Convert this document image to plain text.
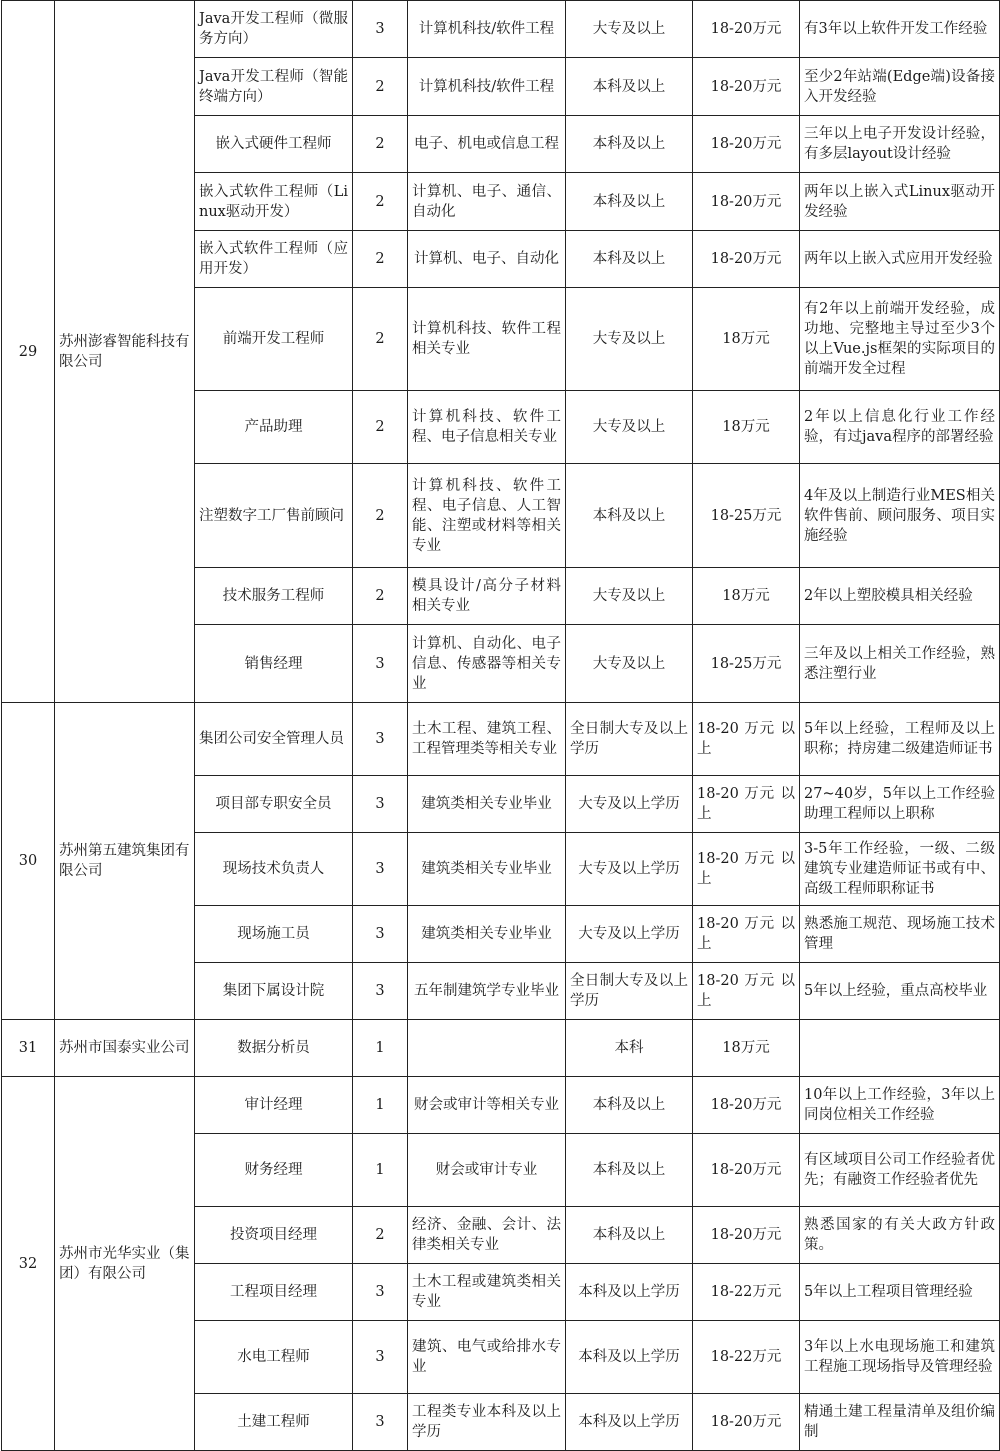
29	苏州澎睿智能科技有限公司	Java开发工程师（微服务方向）	3	计算机科技/软件工程	大专及以上	18-20万元	有3年以上软件开发工作经验
		Java开发工程师（智能终端方向）	2	计算机科技/软件工程	本科及以上	18-20万元	至少2年站端(Edge端)设备接入开发经验
		嵌入式硬件工程师	2	电子、机电或信息工程	本科及以上	18-20万元	三年以上电子开发设计经验，有多层layout设计经验
		嵌入式软件工程师（Linux驱动开发）	2	计算机、电子、通信、自动化	本科及以上	18-20万元	两年以上嵌入式Linux驱动开发经验
		嵌入式软件工程师（应用开发）	2	计算机、电子、自动化	本科及以上	18-20万元	两年以上嵌入式应用开发经验
		前端开发工程师	2	计算机科技、软件工程相关专业	大专及以上	18万元	有2年以上前端开发经验，成功地、完整地主导过至少3个以上Vue.js框架的实际项目的前端开发全过程
		产品助理	2	计算机科技、软件工程、电子信息相关专业	大专及以上	18万元	2年以上信息化行业工作经验，有过java程序的部署经验
		注塑数字工厂售前顾问	2	计算机科技、软件工程、电子信息、人工智能、注塑或材料等相关专业	本科及以上	18-25万元	4年及以上制造行业MES相关软件售前、顾问服务、项目实施经验
		技术服务工程师	2	模具设计/高分子材料相关专业	大专及以上	18万元	2年以上塑胶模具相关经验
		销售经理	3	计算机、自动化、电子信息、传感器等相关专业	大专及以上	18-25万元	三年及以上相关工作经验，熟悉注塑行业
30	苏州第五建筑集团有限公司	集团公司安全管理人员	3	土木工程、建筑工程、工程管理类等相关专业	全日制大专及以上学历	18-20 万元 以上	5年以上经验，工程师及以上职称；持房建二级建造师证书
		项目部专职安全员	3	建筑类相关专业毕业	大专及以上学历	18-20 万元 以上	27~40岁，5年以上工作经验助理工程师以上职称
		现场技术负责人	3	建筑类相关专业毕业	大专及以上学历	18-20 万元 以上	3-5年工作经验，一级、二级建筑专业建造师证书或有中、高级工程师职称证书
		现场施工员	3	建筑类相关专业毕业	大专及以上学历	18-20 万元 以上	熟悉施工规范、现场施工技术管理
		集团下属设计院	3	五年制建筑学专业毕业	全日制大专及以上学历	18-20 万元 以上	5年以上经验，重点高校毕业
31	苏州市国泰实业公司	数据分析员	1		本科	18万元	
32	苏州市光华实业（集团）有限公司	审计经理	1	财会或审计等相关专业	本科及以上	18-20万元	10年以上工作经验，3年以上同岗位相关工作经验
		财务经理	1	财会或审计专业	本科及以上	18-20万元	有区域项目公司工作经验者优先；有融资工作经验者优先
		投资项目经理	2	经济、金融、会计、法律类相关专业	本科及以上	18-20万元	熟悉国家的有关大政方针政策。
		工程项目经理	3	土木工程或建筑类相关专业	本科及以上学历	18-22万元	5年以上工程项目管理经验
		水电工程师	3	建筑、电气或给排水专业	本科及以上学历	18-22万元	3年以上水电现场施工和建筑工程施工现场指导及管理经验
		土建工程师	3	工程类专业本科及以上学历	本科及以上学历	18-20万元	精通土建工程量清单及组价编制
